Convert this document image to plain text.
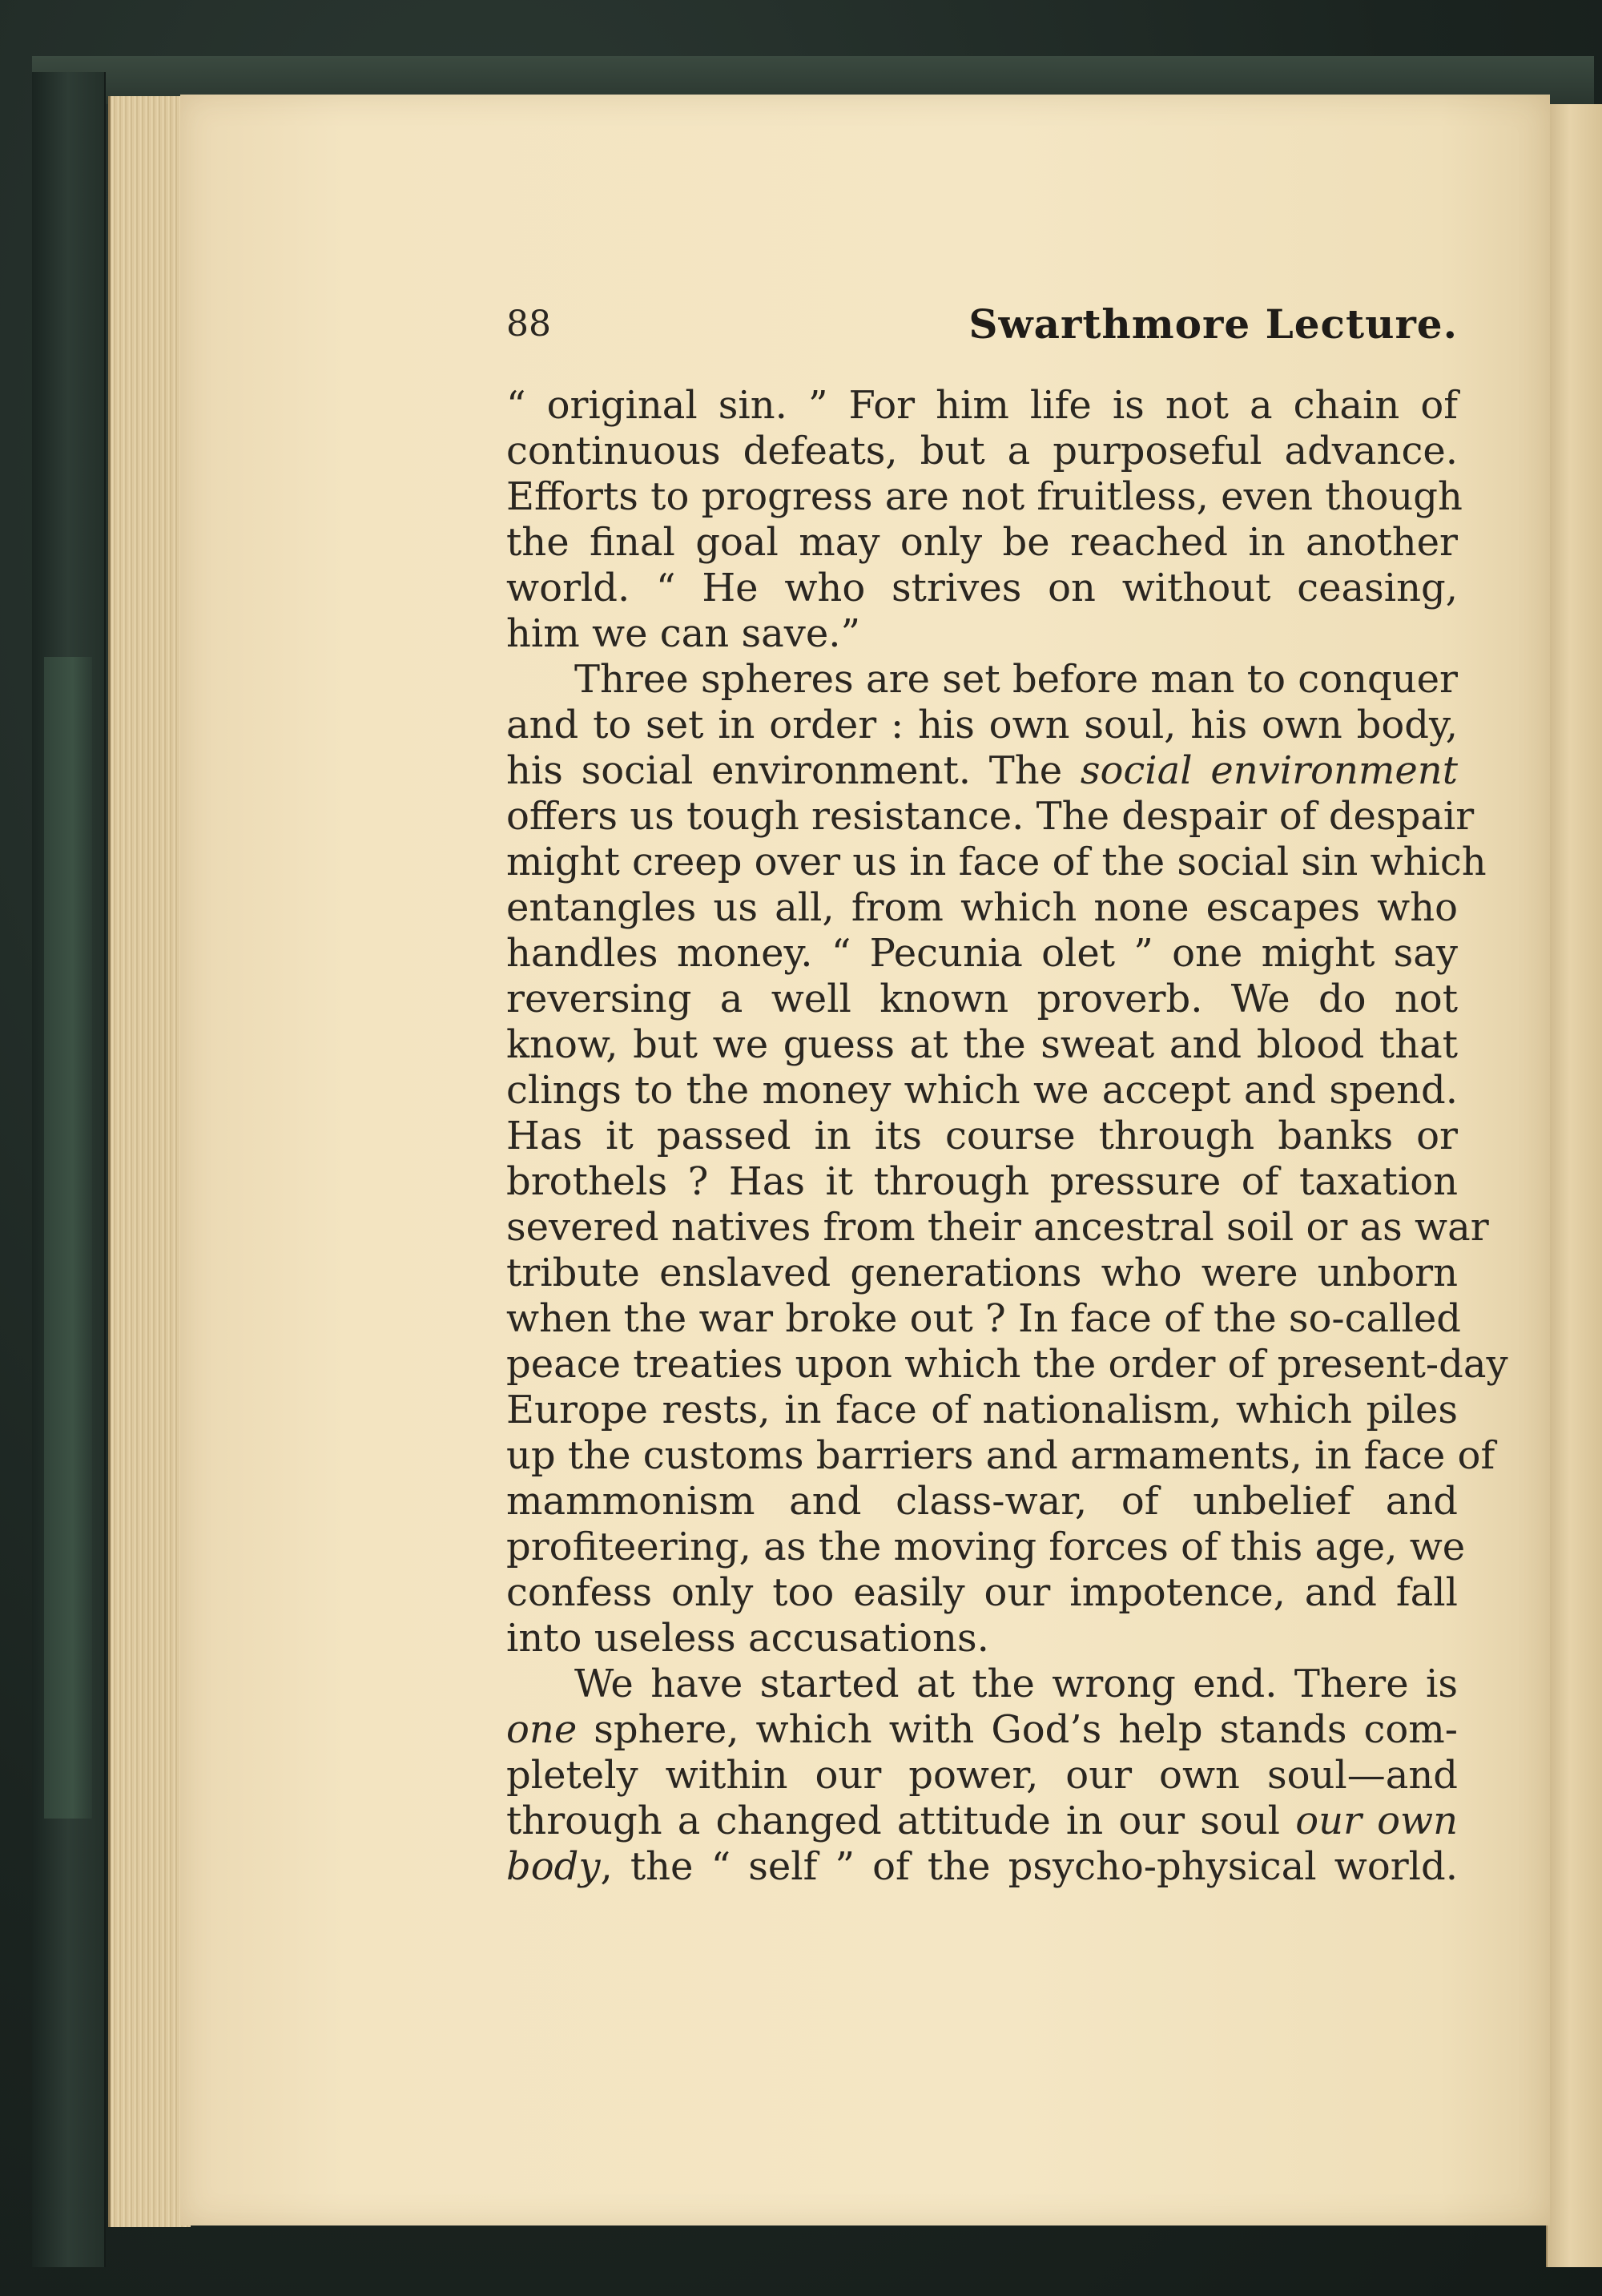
88	Swarthmore Lecture.
“ original sin. ” For him life is not a chain of
continuous defeats, but a purposeful advance.
Efforts to progress are not fruitless, even though
the final goal may only be reached in another
world. “ He who strives on without ceasing,
him we can save.”
Three spheres are set before man to conquer
and to set in order : his own soul, his own body,
his social environment. The social environment
offers us tough resistance. The despair of despair
might creep over us in face of the social sin which
entangles us all, from which none escapes who
handles money. “ Pecunia olet ” one might say
reversing a well known proverb. We do not
know, but we guess at the sweat and blood that
clings to the money which we accept and spend.
Has it passed in its course through banks or
brothels ? Has it through pressure of taxation
severed natives from their ancestral soil or as war
tribute enslaved generations who were unborn
when the war broke out ? In face of the so-called
peace treaties upon which the order of present-day
Europe rests, in face of nationalism, which piles
up the customs barriers and armaments, in face of
mammonism and class-war, of unbelief and
profiteering, as the moving forces of this age, we
confess only too easily our impotence, and fall
into useless accusations.
We have started at the wrong end. There is
one sphere, which with God’s help stands com-
pletely within our power, our own soul—and
through a changed attitude in our soul our own
body, the “ self ” of the psycho-physical world.
